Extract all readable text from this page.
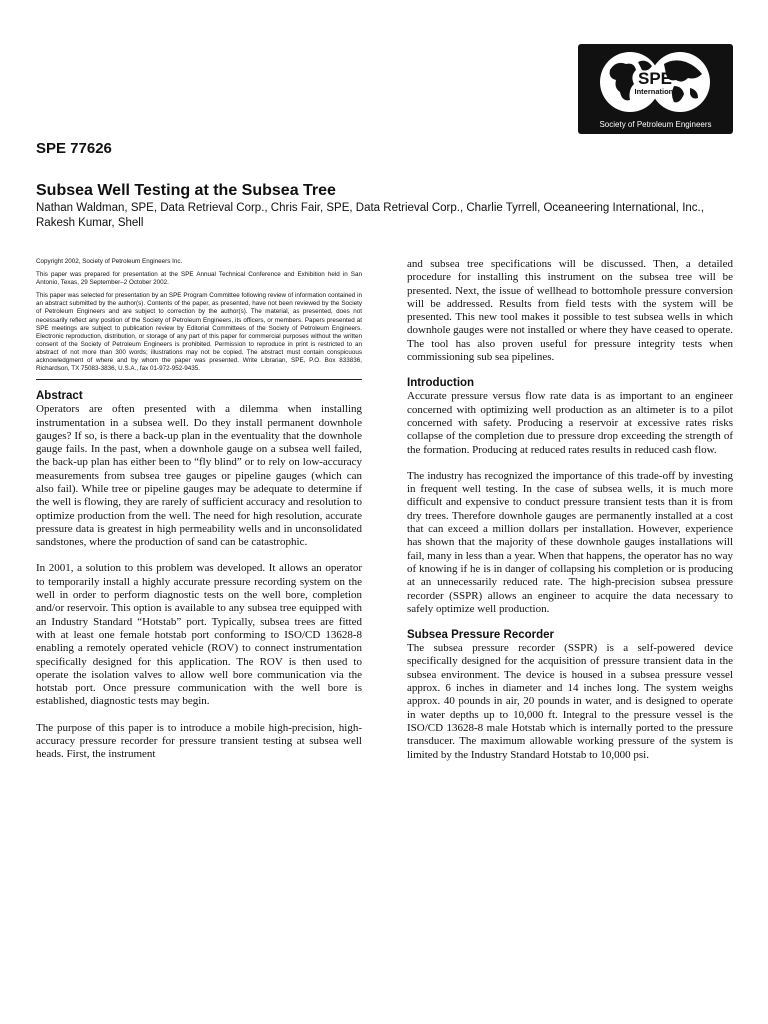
SPE
International
Society of Petroleum Engineers
SPE 77626
Subsea Well Testing at the Subsea Tree
Nathan Waldman, SPE, Data Retrieval Corp., Chris Fair, SPE, Data Retrieval Corp., Charlie Tyrrell, Oceaneering International, Inc., Rakesh Kumar, Shell

Copyright 2002, Society of Petroleum Engineers Inc.

This paper was prepared for presentation at the SPE Annual Technical Conference and Exhibition held in San Antonio, Texas, 29 September–2 October 2002.

This paper was selected for presentation by an SPE Program Committee following review of information contained in an abstract submitted by the author(s). Contents of the paper, as presented, have not been reviewed by the Society of Petroleum Engineers and are subject to correction by the author(s). The material, as presented, does not necessarily reflect any position of the Society of Petroleum Engineers, its officers, or members. Papers presented at SPE meetings are subject to publication review by Editorial Committees of the Society of Petroleum Engineers. Electronic reproduction, distribution, or storage of any part of this paper for commercial purposes without the written consent of the Society of Petroleum Engineers is prohibited. Permission to reproduce in print is restricted to an abstract of not more than 300 words; illustrations may not be copied. The abstract must contain conspicuous acknowledgment of where and by whom the paper was presented. Write Librarian, SPE, P.O. Box 833836, Richardson, TX 75083-3836, U.S.A., fax 01-972-952-9435.

Abstract

Operators are often presented with a dilemma when installing instrumentation in a subsea well. Do they install permanent downhole gauges? If so, is there a back-up plan in the eventuality that the downhole gauge fails. In the past, when a downhole gauge on a subsea well failed, the back-up plan has either been to “fly blind” or to rely on low-accuracy measurements from subsea tree gauges or pipeline gauges (which can also fail). While tree or pipeline gauges may be adequate to determine if the well is flowing, they are rarely of sufficient accuracy and resolution to optimize production from the well. The need for high resolution, accurate pressure data is greatest in high permeability wells and in unconsolidated sandstones, where the production of sand can be catastrophic.

In 2001, a solution to this problem was developed. It allows an operator to temporarily install a highly accurate pressure recording system on the well in order to perform diagnostic tests on the well bore, completion and/or reservoir. This option is available to any subsea tree equipped with an Industry Standard “Hotstab” port. Typically, subsea trees are fitted with at least one female hotstab port conforming to ISO/CD 13628-8 enabling a remotely operated vehicle (ROV) to connect instrumentation specifically designed for this application. The ROV is then used to operate the isolation valves to allow well bore communication via the hotstab port. Once pressure communication with the well bore is established, diagnostic tests may begin.

The purpose of this paper is to introduce a mobile high-precision, high-accuracy pressure recorder for pressure transient testing at subsea well heads. First, the instrument

and subsea tree specifications will be discussed. Then, a detailed procedure for installing this instrument on the subsea tree will be presented. Next, the issue of wellhead to bottomhole pressure conversion will be addressed. Results from field tests with the system will be presented. This new tool makes it possible to test subsea wells in which downhole gauges were not installed or where they have ceased to operate. The tool has also proven useful for pressure integrity tests when commissioning sub sea pipelines.

Introduction

Accurate pressure versus flow rate data is as important to an engineer concerned with optimizing well production as an altimeter is to a pilot concerned with safety. Producing a reservoir at excessive rates risks collapse of the completion due to pressure drop exceeding the strength of the formation. Producing at reduced rates results in reduced cash flow.

The industry has recognized the importance of this trade-off by investing in frequent well testing. In the case of subsea wells, it is much more difficult and expensive to conduct pressure transient tests than it is from dry trees. Therefore downhole gauges are permanently installed at a cost that can exceed a million dollars per installation. However, experience has shown that the majority of these downhole gauges installations will fail, many in less than a year. When that happens, the operator has no way of knowing if he is in danger of collapsing his completion or is producing at an unnecessarily reduced rate. The high-precision subsea pressure recorder (SSPR) allows an engineer to acquire the data necessary to safely optimize well production.

Subsea Pressure Recorder

The subsea pressure recorder (SSPR) is a self-powered device specifically designed for the acquisition of pressure transient data in the subsea environment. The device is housed in a subsea pressure vessel approx. 6 inches in diameter and 14 inches long. The system weighs approx. 40 pounds in air, 20 pounds in water, and is designed to operate in water depths up to 10,000 ft. Integral to the pressure vessel is the ISO/CD 13628-8 male Hotstab which is internally ported to the pressure transducer. The maximum allowable working pressure of the system is limited by the Industry Standard Hotstab to 10,000 psi.
